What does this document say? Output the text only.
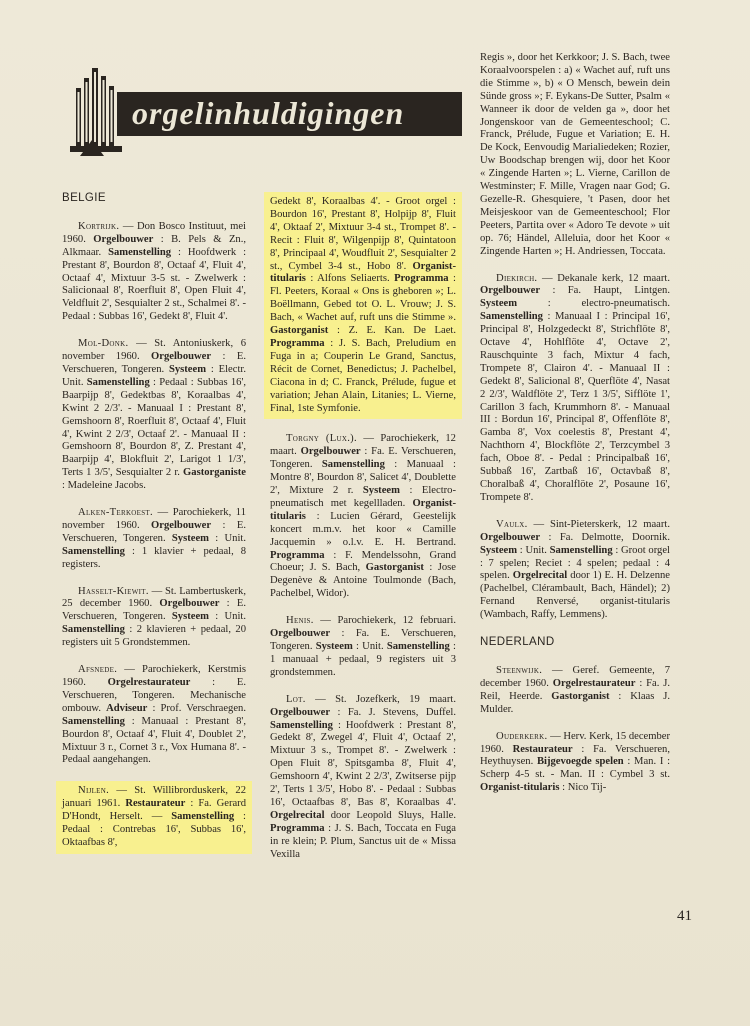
orgelinhuldigingen
BELGIE

Kortrijk. — Don Bosco Instituut, mei 1960. Orgelbouwer : B. Pels & Zn., Alkmaar. Samenstelling : Hoofdwerk : Prestant 8', Bourdon 8', Octaaf 4', Fluit 4', Octaaf 4', Mixtuur 3-5 st. - Zwelwerk : Salicionaal 8', Roerfluit 8', Open Fluit 4', Veldfluit 2', Sesquialter 2 st., Schalmei 8'. - Pedaal : Subbas 16', Gedekt 8', Fluit 4'.

Mol-Donk. — St. Antoniuskerk, 6 november 1960. Orgelbouwer : E. Verschueren, Tongeren. Systeem : Electr. Unit. Samenstelling : Pedaal : Subbas 16', Baarpijp 8', Gedektbas 8', Koraalbas 4', Kwint 2 2/3'. - Manuaal I : Prestant 8', Gemshoorn 8', Roerfluit 8', Octaaf 4', Fluit 4', Kwint 2 2/3', Octaaf 2'. - Manuaal II : Gemshoorn 8', Bourdon 8', Z. Prestant 4', Baarpijp 4', Blokfluit 2', Larigot 1 1/3', Terts 1 3/5', Sesquialter 2 r. Gastorganiste : Madeleine Jacobs.

Alken-Terkoest. — Parochiekerk, 11 november 1960. Orgelbouwer : E. Verschueren, Tongeren. Systeem : Unit. Samenstelling : 1 klavier + pedaal, 8 registers.

Hasselt-Kiewit. — St. Lambertuskerk, 25 december 1960. Orgelbouwer : E. Verschueren, Tongeren. Systeem : Unit. Samenstelling : 2 klavieren + pedaal, 20 registers uit 5 Grondstemmen.

Afsnede. — Parochiekerk, Kerstmis 1960. Orgelrestaurateur : E. Verschueren, Tongeren. Mechanische ombouw. Adviseur : Prof. Verschraegen. Samenstelling : Manuaal : Prestant 8', Bourdon 8', Octaaf 4', Fluit 4', Doublet 2', Mixtuur 3 r., Cornet 3 r., Vox Humana 8'. - Pedaal aangehangen.

Nijlen. — St. Willibrorduskerk, 22 januari 1961. Restaurateur : Fa. Gerard D'Hondt, Herselt. — Samenstelling : Pedaal : Contrebas 16', Subbas 16', Oktaafbas 8',

Gedekt 8', Koraalbas 4'. - Groot orgel : Bourdon 16', Prestant 8', Holpijp 8', Fluit 4', Oktaaf 2', Mixtuur 3-4 st., Trompet 8'. - Recit : Fluit 8', Wilgenpijp 8', Quintatoon 8', Principaal 4', Woudfluit 2', Sesquialter 2 st., Cymbel 3-4 st., Hobo 8'. Organist-titularis : Alfons Seliaerts. Programma : Fl. Peeters, Koraal « Ons is gheboren »; L. Boëllmann, Gebed tot O. L. Vrouw; J. S. Bach, « Wachet auf, ruft uns die Stimme ». Gastorganist : Z. E. Kan. De Laet. Programma : J. S. Bach, Preludium en Fuga in a; Couperin Le Grand, Sanctus, Récit de Cornet, Benedictus; J. Pachelbel, Ciacona in d; C. Franck, Prélude, fugue et variation; Jehan Alain, Litanies; L. Vierne, Final, 1ste Symfonie.

Torgny (Lux.). — Parochiekerk, 12 maart. Orgelbouwer : Fa. E. Verschueren, Tongeren. Samenstelling : Manuaal : Montre 8', Bourdon 8', Salicet 4', Doublette 2', Mixture 2 r. Systeem : Electro-pneumatisch met kegellladen. Organist-titularis : Lucien Gérard, Geestelijk koncert m.m.v. het koor « Camille Jacquemin » o.l.v. E. H. Bertrand. Programma : F. Mendelssohn, Grand Choeur; J. S. Bach, Gastorganist : Jose Degenève & Antoine Toulmonde (Bach, Pachelbel, Widor).

Henis. — Parochiekerk, 12 februari. Orgelbouwer : Fa. E. Verschueren, Tongeren. Systeem : Unit. Samenstelling : 1 manuaal + pedaal, 9 registers uit 3 grondstemmen.

Lot. — St. Jozefkerk, 19 maart. Orgelbouwer : Fa. J. Stevens, Duffel. Samenstelling : Hoofdwerk : Prestant 8', Gedekt 8', Zwegel 4', Fluit 4', Octaaf 2', Mixtuur 3 s., Trompet 8'. - Zwelwerk : Open Fluit 8', Spitsgamba 8', Fluit 4', Gemshoorn 4', Kwint 2 2/3', Zwitserse pijp 2', Terts 1 3/5', Hobo 8'. - Pedaal : Subbas 16', Octaafbas 8', Bas 8', Koraalbas 4'. Orgelrecital door Leopold Sluys, Halle. Programma : J. S. Bach, Toccata en Fuga in re klein; P. Plum, Sanctus uit de « Missa Vexilla

Regis », door het Kerkkoor; J. S. Bach, twee Koraalvoorspelen : a) « Wachet auf, ruft uns die Stimme », b) « O Mensch, bewein dein Sünde gross »; F. Eykans-De Sutter, Psalm « Wanneer ik door de velden ga », door het Jongenskoor van de Gemeenteschool; C. Franck, Prélude, Fugue et Variation; E. H. De Kock, Eenvoudig Marialiedeken; Rozier, Uw Boodschap brengen wij, door het Koor « Zingende Harten »; L. Vierne, Carillon de Westminster; F. Mille, Vragen naar God; G. Gezelle-R. Ghesquiere, 't Pasen, door het Meisjeskoor van de Gemeenteschool; Flor Peeters, Partita over « Adoro Te devote » uit op. 76; Händel, Alleluia, door het Koor « Zingende Harten »; H. Andriessen, Toccata.

Diekirch. — Dekanale kerk, 12 maart. Orgelbouwer : Fa. Haupt, Lintgen. Systeem : electro-pneumatisch. Samenstelling : Manuaal I : Principal 16', Principal 8', Holzgedeckt 8', Strichflöte 8', Octave 4', Hohlflöte 4', Octave 2', Rauschquinte 3 fach, Mixtur 4 fach, Trompete 8', Clairon 4'. - Manuaal II : Gedekt 8', Salicional 8', Querflöte 4', Nasat 2 2/3', Waldflöte 2', Terz 1 3/5', Sifflöte 1', Carillon 3 fach, Krummhorn 8'. - Manuaal III : Bordun 16', Principal 8', Offenflöte 8', Gamba 8', Vox coelestis 8', Prestant 4', Nachthorn 4', Blockflöte 2', Terzcymbel 3 fach, Oboe 8'. - Pedal : Principalbaß 16', Subbaß 16', Zartbaß 16', Octavbaß 8', Choralbaß 4', Choralflöte 2', Posaune 16', Trompete 8'.

Vaulx. — Sint-Pieterskerk, 12 maart. Orgelbouwer : Fa. Delmotte, Doornik. Systeem : Unit. Samenstelling : Groot orgel : 7 spelen; Reciet : 4 spelen; pedaal : 4 spelen. Orgelrecital door 1) E. H. Delzenne (Pachelbel, Clérambault, Bach, Händel); 2) Fernand Renversé, organist-titularis (Wambach, Raffy, Lemmens).

NEDERLAND

Steenwijk. — Geref. Gemeente, 7 december 1960. Orgelrestaurateur : Fa. J. Reil, Heerde. Gastorganist : Klaas J. Mulder.

Ouderkerk. — Herv. Kerk, 15 december 1960. Restaurateur : Fa. Verschueren, Heythuysen. Bijgevoegde spelen : Man. I : Scherp 4-5 st. - Man. II : Cymbel 3 st. Organist-titularis : Nico Tij-

41
